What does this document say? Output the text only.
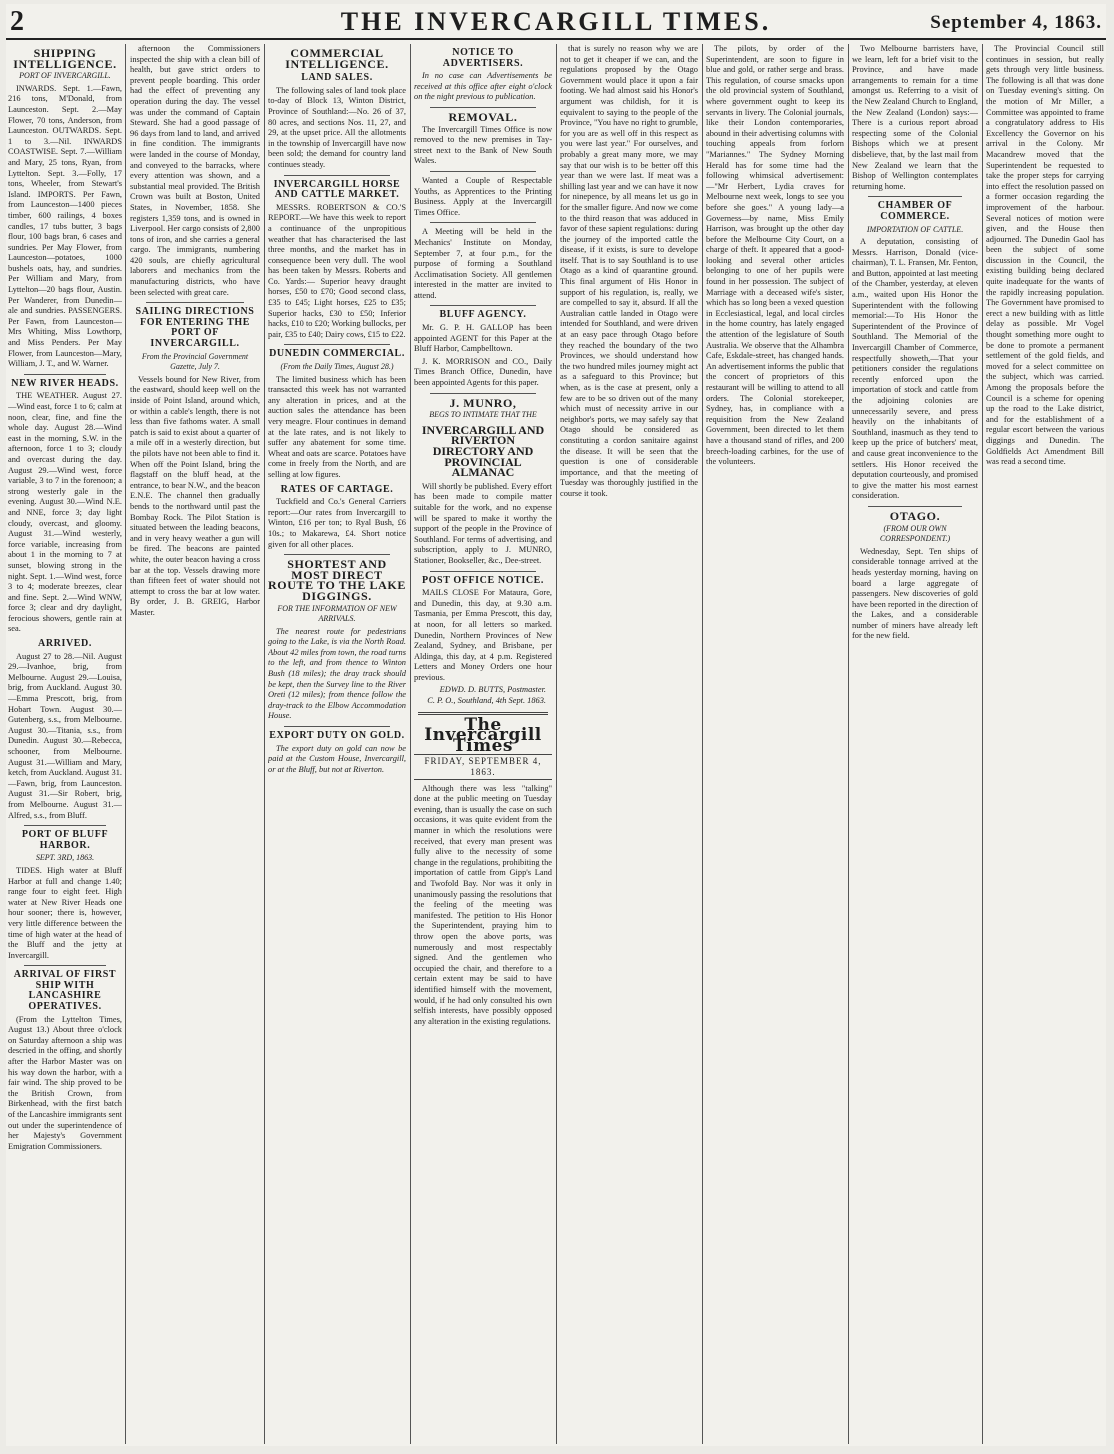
2	THE INVERCARGILL TIMES.	September 4, 1863.
SHIPPING INTELLIGENCE.
PORT OF INVERCARGILL.

INWARDS. Sept. 1.—Fawn, 216 tons, M'Donald, from Launceston. Sept. 2.—May Flower, 70 tons, Anderson, from Launceston. OUTWARDS. Sept. 1 to 3.—Nil. INWARDS COASTWISE. Sept. 7.—William and Mary, 25 tons, Ryan, from Lyttelton. Sept. 3.—Folly, 17 tons, Wheeler, from Stewart's Island. IMPORTS. Per Fawn, from Launceston—1400 pieces timber, 600 railings, 4 boxes candles, 17 tubs butter, 3 bags flour, 100 bags bran, 6 cases and sundries. Per May Flower, from Launceston—potatoes, 1000 bushels oats, hay, and sundries. Per William and Mary, from Lyttelton—20 bags flour, Austin. Per Wanderer, from Dunedin—ale and sundries. PASSENGERS. Per Fawn, from Launceston—Mrs Whiting, Miss Lowthorp, and Miss Penders. Per May Flower, from Launceston—Mary, William, J. T., and W. Warner.

NEW RIVER HEADS.

THE WEATHER. August 27.—Wind east, force 1 to 6; calm at noon, clear, fine, and fine the whole day. August 28.—Wind east in the morning, S.W. in the afternoon, force 1 to 3; cloudy and overcast during the day. August 29.—Wind west, force variable, 3 to 7 in the forenoon; a strong westerly gale in the evening. August 30.—Wind N.E. and NNE, force 3; day light cloudy, overcast, and gloomy. August 31.—Wind westerly, force variable, increasing from about 1 in the morning to 7 at sunset, blowing strong in the night. Sept. 1.—Wind west, force 3 to 4; moderate breezes, clear and fine. Sept. 2.—Wind WNW, force 3; clear and dry daylight, ferocious showers, gentle rain at sea.

ARRIVED.

August 27 to 28.—Nil. August 29.—Ivanhoe, brig, from Melbourne. August 29.—Louisa, brig, from Auckland. August 30.—Emma Prescott, brig, from Hobart Town. August 30.—Gutenberg, s.s., from Melbourne. August 30.—Titania, s.s., from Dunedin. August 30.—Rebecca, schooner, from Melbourne. August 31.—William and Mary, ketch, from Auckland. August 31.—Fawn, brig, from Launceston. August 31.—Sir Robert, brig, from Melbourne. August 31.—Alfred, s.s., from Bluff.

PORT OF BLUFF HARBOR.
SEPT. 3RD, 1863.

TIDES. High water at Bluff Harbor at full and change 1.40; range four to eight feet. High water at New River Heads one hour sooner; there is, however, very little difference between the time of high water at the head of the Bluff and the jetty at Invercargill.

ARRIVAL OF FIRST SHIP WITH LANCASHIRE OPERATIVES.

(From the Lyttelton Times, August 13.) About three o'clock on Saturday afternoon a ship was descried in the offing, and shortly after the Harbor Master was on his way down the harbor, with a fair wind. The ship proved to be the British Crown, from Birkenhead, with the first batch of the Lancashire immigrants sent out under the superintendence of her Majesty's Government Emigration Commissioners.

afternoon the Commissioners inspected the ship with a clean bill of health, but gave strict orders to prevent people boarding. This order had the effect of preventing any operation during the day. The vessel was under the command of Captain Steward. She had a good passage of 96 days from land to land, and arrived in fine condition. The immigrants were landed in the course of Monday, and conveyed to the barracks, where every attention was shown, and a substantial meal provided. The British Crown was built at Boston, United States, in November, 1858. She registers 1,359 tons, and is owned in Liverpool. Her cargo consists of 2,800 tons of iron, and she carries a general cargo. The immigrants, numbering 420 souls, are chiefly agricultural laborers and mechanics from the manufacturing districts, who have been selected with great care.

SAILING DIRECTIONS FOR ENTERING THE PORT OF INVERCARGILL.
From the Provincial Government Gazette, July 7.

Vessels bound for New River, from the eastward, should keep well on the inside of Point Island, around which, or within a cable's length, there is not less than five fathoms water. A small patch is said to exist about a quarter of a mile off in a westerly direction, but the pilots have not been able to find it. When off the Point Island, bring the flagstaff on the bluff head, at the entrance, to bear N.W., and the beacon E.N.E. The channel then gradually bends to the northward until past the Bombay Rock. The Pilot Station is situated between the leading beacons, and in very heavy weather a gun will be fired. The beacons are painted white, the outer beacon having a cross bar at the top. Vessels drawing more than fifteen feet of water should not attempt to cross the bar at low water. By order, J. B. GREIG, Harbor Master.

COMMERCIAL INTELLIGENCE.
LAND SALES.

The following sales of land took place to-day of Block 13, Winton District, Province of Southland:—No. 26 of 37, 80 acres, and sections Nos. 11, 27, and 29, at the upset price. All the allotments in the township of Invercargill have now been sold; the demand for country land continues steady.

INVERCARGILL HORSE AND CATTLE MARKET.

MESSRS. ROBERTSON & CO.'S REPORT.—We have this week to report a continuance of the unpropitious weather that has characterised the last three months, and the market has in consequence been very dull. The wool has been taken by Messrs. Roberts and Co. Yards:— Superior heavy draught horses, £50 to £70; Good second class, £35 to £45; Light horses, £25 to £35; Superior hacks, £30 to £50; Inferior hacks, £10 to £20; Working bullocks, per pair, £35 to £40; Dairy cows, £15 to £22.

DUNEDIN COMMERCIAL.
(From the Daily Times, August 28.)

The limited business which has been transacted this week has not warranted any alteration in prices, and at the auction sales the attendance has been very meagre. Flour continues in demand at the late rates, and is not likely to suffer any abatement for some time. Wheat and oats are scarce. Potatoes have come in freely from the North, and are selling at low figures.

RATES OF CARTAGE.

Tuckfield and Co.'s General Carriers report:—Our rates from Invercargill to Winton, £16 per ton; to Ryal Bush, £6 10s.; to Makarewa, £4. Short notice given for all other places.

SHORTEST AND MOST DIRECT ROUTE TO THE LAKE DIGGINGS.
FOR THE INFORMATION OF NEW ARRIVALS.

The nearest route for pedestrians going to the Lake, is via the North Road. About 42 miles from town, the road turns to the left, and from thence to Winton Bush (18 miles); the dray track should be kept, then the Survey line to the River Oreti (12 miles); from thence follow the dray-track to the Elbow Accommodation House.

EXPORT DUTY ON GOLD.

The export duty on gold can now be paid at the Custom House, Invercargill, or at the Bluff, but not at Riverton.

NOTICE TO ADVERTISERS.

In no case can Advertisements be received at this office after eight o'clock on the night previous to publication.

REMOVAL.

The Invercargill Times Office is now removed to the new premises in Tay-street next to the Bank of New South Wales.

Wanted a Couple of Respectable Youths, as Apprentices to the Printing Business. Apply at the Invercargill Times Office.

A Meeting will be held in the Mechanics' Institute on Monday, September 7, at four p.m., for the purpose of forming a Southland Acclimatisation Society. All gentlemen interested in the matter are invited to attend.

BLUFF AGENCY.

Mr. G. P. H. GALLOP has been appointed AGENT for this Paper at the Bluff Harbor, Campbelltown.

J. K. MORRISON and CO., Daily Times Branch Office, Dunedin, have been appointed Agents for this paper.

J. MUNRO,
BEGS TO INTIMATE THAT THE
INVERCARGILL AND RIVERTON DIRECTORY AND PROVINCIAL ALMANAC

Will shortly be published. Every effort has been made to compile matter suitable for the work, and no expense will be spared to make it worthy the support of the people in the Province of Southland. For terms of advertising, and subscription, apply to J. MUNRO, Stationer, Bookseller, &c., Dee-street.

POST OFFICE NOTICE.

MAILS CLOSE For Mataura, Gore, and Dunedin, this day, at 9.30 a.m. Tasmania, per Emma Prescott, this day, at noon, for all letters so marked. Dunedin, Northern Provinces of New Zealand, Sydney, and Brisbane, per Aldinga, this day, at 4 p.m. Registered Letters and Money Orders one hour previous.

EDWD. D. BUTTS, Postmaster.
C. P. O., Southland, 4th Sept. 1863.
The Invercargill Times
FRIDAY, SEPTEMBER 4, 1863.

Although there was less "talking" done at the public meeting on Tuesday evening, than is usually the case on such occasions, it was quite evident from the manner in which the resolutions were received, that every man present was fully alive to the necessity of some change in the regulations, prohibiting the importation of cattle from Gipp's Land and Twofold Bay. Nor was it only in unanimously passing the resolutions that the feeling of the meeting was manifested. The petition to His Honor the Superintendent, praying him to throw open the above ports, was numerously and most respectably signed. And the gentlemen who occupied the chair, and therefore to a certain extent may be said to have identified himself with the movement, would, if he had only consulted his own selfish interests, have possibly opposed any alteration in the existing regulations.

that is surely no reason why we are not to get it cheaper if we can, and the regulations proposed by the Otago Government would place it upon a fair footing. We had almost said his Honor's argument was childish, for it is equivalent to saying to the people of the Province, "You have no right to grumble, for you are as well off in this respect as you were last year." For ourselves, and probably a great many more, we may say that our wish is to be better off this year than we were last. If meat was a shilling last year and we can have it now for ninepence, by all means let us go in for the smaller figure. And now we come to the third reason that was adduced in favor of these sapient regulations: during the journey of the imported cattle the disease, if it exists, is sure to develope itself. That is to say Southland is to use Otago as a kind of quarantine ground. This final argument of His Honor in support of his regulation, is, really, we are compelled to say it, absurd. If all the Australian cattle landed in Otago were intended for Southland, and were driven at an easy pace through Otago before they reached the boundary of the two Provinces, we should understand how the two hundred miles journey might act as a safeguard to this Province; but when, as is the case at present, only a few are to be so driven out of the many which must of necessity arrive in our neighbor's ports, we may safely say that Otago should be considered as constituting a cordon sanitaire against the disease. It will be seen that the question is one of considerable importance, and that the meeting of Tuesday was thoroughly justified in the course it took.

The pilots, by order of the Superintendent, are soon to figure in blue and gold, or rather serge and brass. This regulation, of course smacks upon the old provincial system of Southland, where government ought to keep its servants in livery. The Colonial journals, like their London contemporaries, abound in their advertising columns with touching appeals from forlorn "Mariannes." The Sydney Morning Herald has for some time had the following whimsical advertisement:—"Mr Herbert, Lydia craves for Melbourne next week, longs to see you before she goes." A young lady—a Governess—by name, Miss Emily Harrison, was brought up the other day before the Melbourne City Court, on a charge of theft. It appeared that a good-looking and several other articles belonging to one of her pupils were found in her possession. The subject of Marriage with a deceased wife's sister, which has so long been a vexed question in Ecclesiastical, legal, and local circles in the home country, has lately engaged the attention of the legislature of South Australia. We observe that the Alhambra Cafe, Eskdale-street, has changed hands. An advertisement informs the public that the concert of proprietors of this restaurant will be willing to attend to all orders. The Colonial storekeeper, Sydney, has, in compliance with a requisition from the New Zealand Government, been directed to let them have a thousand stand of rifles, and 200 breech-loading carbines, for the use of the volunteers.

Two Melbourne barristers have, we learn, left for a brief visit to the Province, and have made arrangements to remain for a time amongst us. Referring to a visit of the New Zealand Church to England, the New Zealand (London) says:—There is a curious report abroad respecting some of the Colonial Bishops which we at present disbelieve, that, by the last mail from New Zealand we learn that the Bishop of Wellington contemplates returning home.

CHAMBER OF COMMERCE.
IMPORTATION OF CATTLE.

A deputation, consisting of Messrs. Harrison, Donald (vice-chairman), T. L. Fransen, Mr. Fenton, and Button, appointed at last meeting of the Chamber, yesterday, at eleven a.m., waited upon His Honor the Superintendent with the following memorial:—To His Honor the Superintendent of the Province of Southland. The Memorial of the Invercargill Chamber of Commerce, respectfully showeth,—That your petitioners consider the regulations recently enforced upon the importation of stock and cattle from the adjoining colonies are unnecessarily severe, and press heavily on the inhabitants of Southland, inasmuch as they tend to keep up the price of butchers' meat, and cause great inconvenience to the settlers. His Honor received the deputation courteously, and promised to give the matter his most earnest consideration.

OTAGO.
(FROM OUR OWN CORRESPONDENT.)

Wednesday, Sept. Ten ships of considerable tonnage arrived at the heads yesterday morning, having on board a large aggregate of passengers. New discoveries of gold have been reported in the direction of the Lakes, and a considerable number of miners have already left for the new field.

The Provincial Council still continues in session, but really gets through very little business. The following is all that was done on Tuesday evening's sitting. On the motion of Mr Miller, a Committee was appointed to frame a congratulatory address to His Excellency the Governor on his arrival in the Colony. Mr Macandrew moved that the Superintendent be requested to take the proper steps for carrying into effect the resolution passed on a former occasion regarding the improvement of the harbour. Several notices of motion were given, and the House then adjourned. The Dunedin Gaol has been the subject of some discussion in the Council, the existing building being declared quite inadequate for the wants of the rapidly increasing population. The Government have promised to erect a new building with as little delay as possible. Mr Vogel thought something more ought to be done to promote a permanent settlement of the gold fields, and moved for a select committee on the subject, which was carried. Among the proposals before the Council is a scheme for opening up the road to the Lake district, and for the establishment of a regular escort between the various diggings and Dunedin. The Goldfields Act Amendment Bill was read a second time.
